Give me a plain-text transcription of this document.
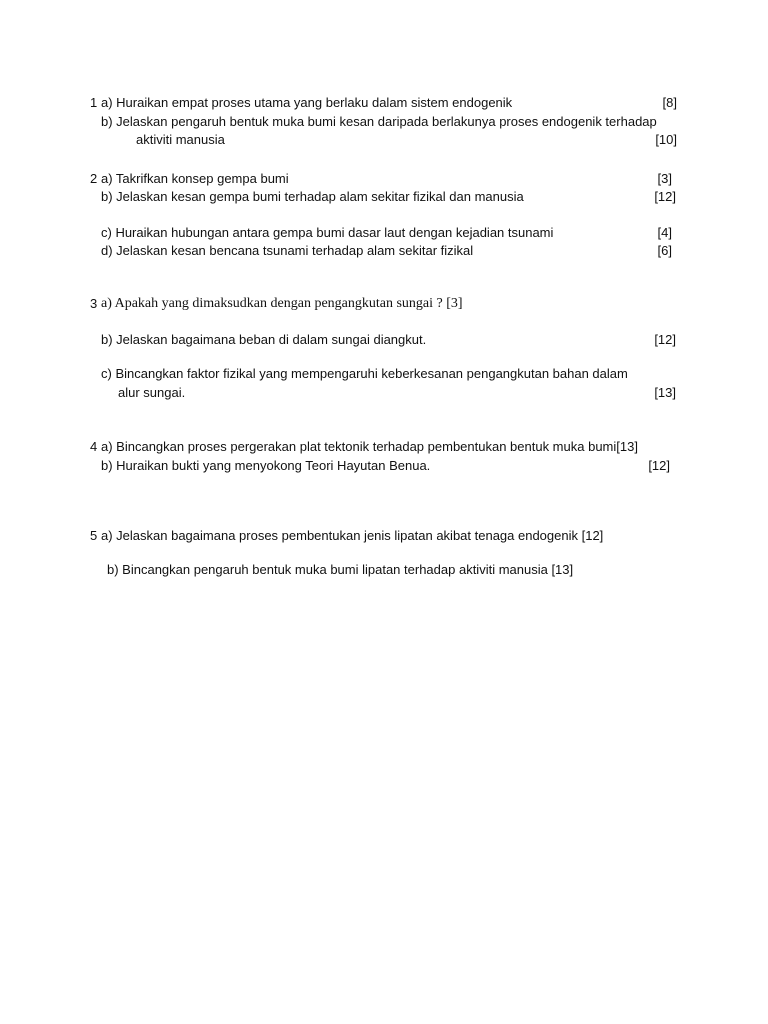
1 a) Huraikan empat proses utama yang berlaku dalam sistem endogenik	[8]
b) Jelaskan pengaruh bentuk muka bumi kesan daripada berlakunya proses endogenik terhadap
aktiviti manusia	[10]
2 a) Takrifkan konsep gempa bumi	[3]
b) Jelaskan kesan gempa bumi terhadap alam sekitar fizikal dan manusia	[12]
c) Huraikan hubungan antara gempa bumi dasar laut dengan kejadian tsunami	[4]
d) Jelaskan kesan bencana tsunami terhadap alam sekitar fizikal	[6]
3 a) Apakah yang dimaksudkan dengan pengangkutan sungai ? [3]
b) Jelaskan bagaimana beban di dalam sungai diangkut.	[12]
c) Bincangkan faktor fizikal yang mempengaruhi keberkesanan pengangkutan bahan dalam
alur sungai.	[13]
4 a) Bincangkan proses pergerakan plat tektonik terhadap pembentukan bentuk muka bumi[13]
b) Huraikan bukti yang menyokong Teori Hayutan Benua.	[12]
5 a) Jelaskan bagaimana proses pembentukan jenis lipatan akibat tenaga endogenik [12]
b) Bincangkan pengaruh bentuk muka bumi lipatan terhadap aktiviti manusia [13]
